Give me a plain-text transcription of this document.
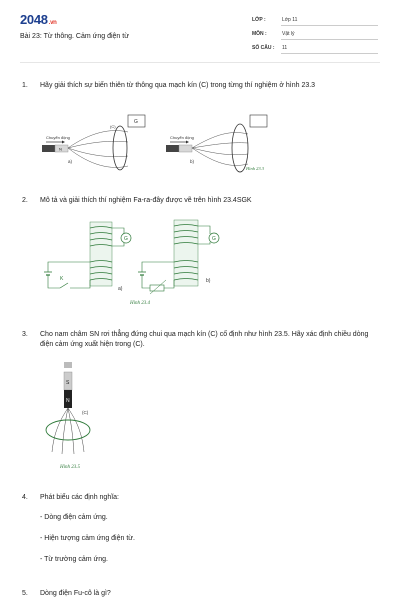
2048.vn
Bài 23: Từ thông. Cảm ứng điện từ
LỚP :	Lớp 11
MÔN :	Vật lý
SỐ CÂU : 11
1. Hãy giải thích sự biến thiên từ thông qua mạch kín (C) trong từng thí nghiệm ở hình 23.3
Chuyển động
N
(C)
G
a)
Chuyển động
b)
Hình 23.3
2. Mô tả và giải thích thí nghiệm Fa-ra-đây được vẽ trên hình 23.4SGK
G
K
a)
G
b)
Hình 23.4
3. Cho nam châm SN rơi thẳng đứng chui qua mạch kín (C) cố định như hình 23.5. Hãy xác định chiều dòng điện cảm ứng xuất hiện trong (C).
S
N
(C)
Hình 23.5
4. Phát biểu các định nghĩa:
- Dòng điện cảm ứng.
- Hiện tượng cảm ứng điện từ.
- Từ trường cảm ứng.
5. Dòng điện Fu-cô là gì?
